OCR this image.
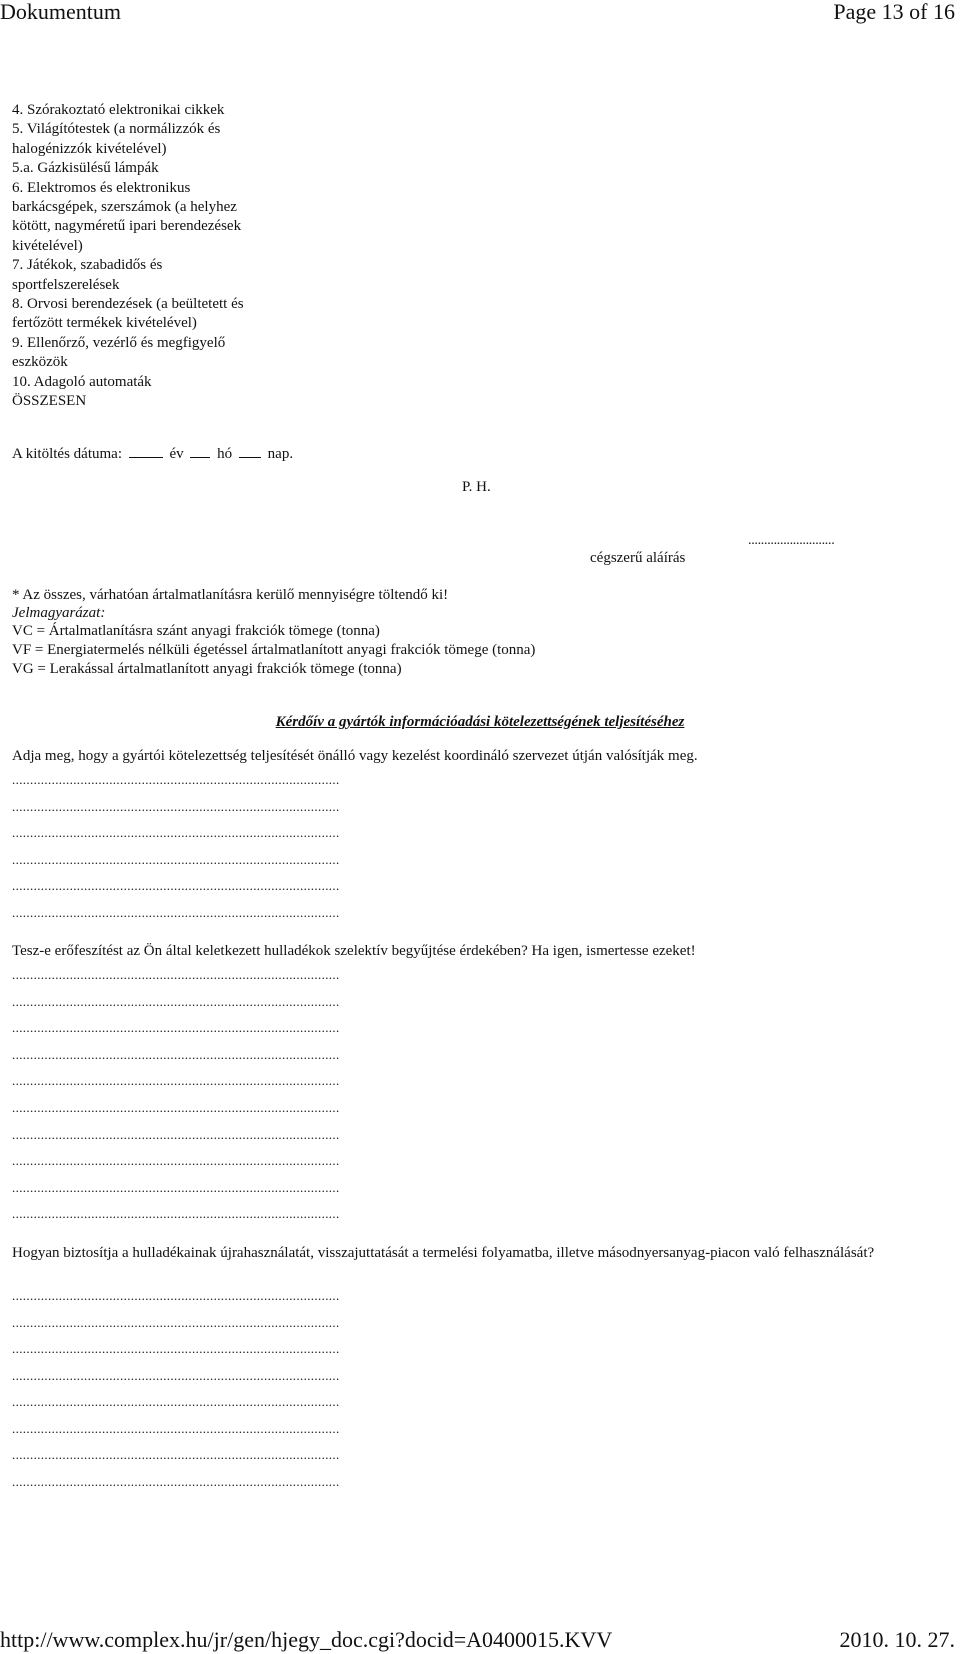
Dokumentum	Page 13 of 16
4. Szórakoztató elektronikai cikkek
5. Világítótestek (a normálizzók és
halogénizzók kivételével)
5.a. Gázkisülésű lámpák
6. Elektromos és elektronikus
barkácsgépek, szerszámok (a helyhez
kötött, nagyméretű ipari berendezések
kivételével)
7. Játékok, szabadidős és
sportfelszerelések
8. Orvosi berendezések (a beültetett és
fertőzött termékek kivételével)
9. Ellenőrző, vezérlő és megfigyelő
eszközök
10. Adagoló automaták
ÖSSZESEN
A kitöltés dátuma:	év hó nap.
P. H.
...........................
cégszerű aláírás
* Az összes, várhatóan ártalmatlanításra kerülő mennyiségre töltendő ki!
Jelmagyarázat:
VC = Ártalmatlanításra szánt anyagi frakciók tömege (tonna)
VF = Energiatermelés nélküli égetéssel ártalmatlanított anyagi frakciók tömege (tonna)
VG = Lerakással ártalmatlanított anyagi frakciók tömege (tonna)
Kérdőív a gyártók információadási kötelezettségének teljesítéséhez
Adja meg, hogy a gyártói kötelezettség teljesítését önálló vagy kezelést koordináló szervezet útján valósítják meg.
...........................................................................................
...........................................................................................
...........................................................................................
...........................................................................................
...........................................................................................
...........................................................................................
Tesz-e erőfeszítést az Ön által keletkezett hulladékok szelektív begyűjtése érdekében? Ha igen, ismertesse ezeket!
...........................................................................................
...........................................................................................
...........................................................................................
...........................................................................................
...........................................................................................
...........................................................................................
...........................................................................................
...........................................................................................
...........................................................................................
...........................................................................................
Hogyan biztosítja a hulladékainak újrahasználatát, visszajuttatását a termelési folyamatba, illetve másodnyersanyag-piacon való felhasználását?
...........................................................................................
...........................................................................................
...........................................................................................
...........................................................................................
...........................................................................................
...........................................................................................
...........................................................................................
...........................................................................................
http://www.complex.hu/jr/gen/hjegy_doc.cgi?docid=A0400015.KVV	2010. 10. 27.
